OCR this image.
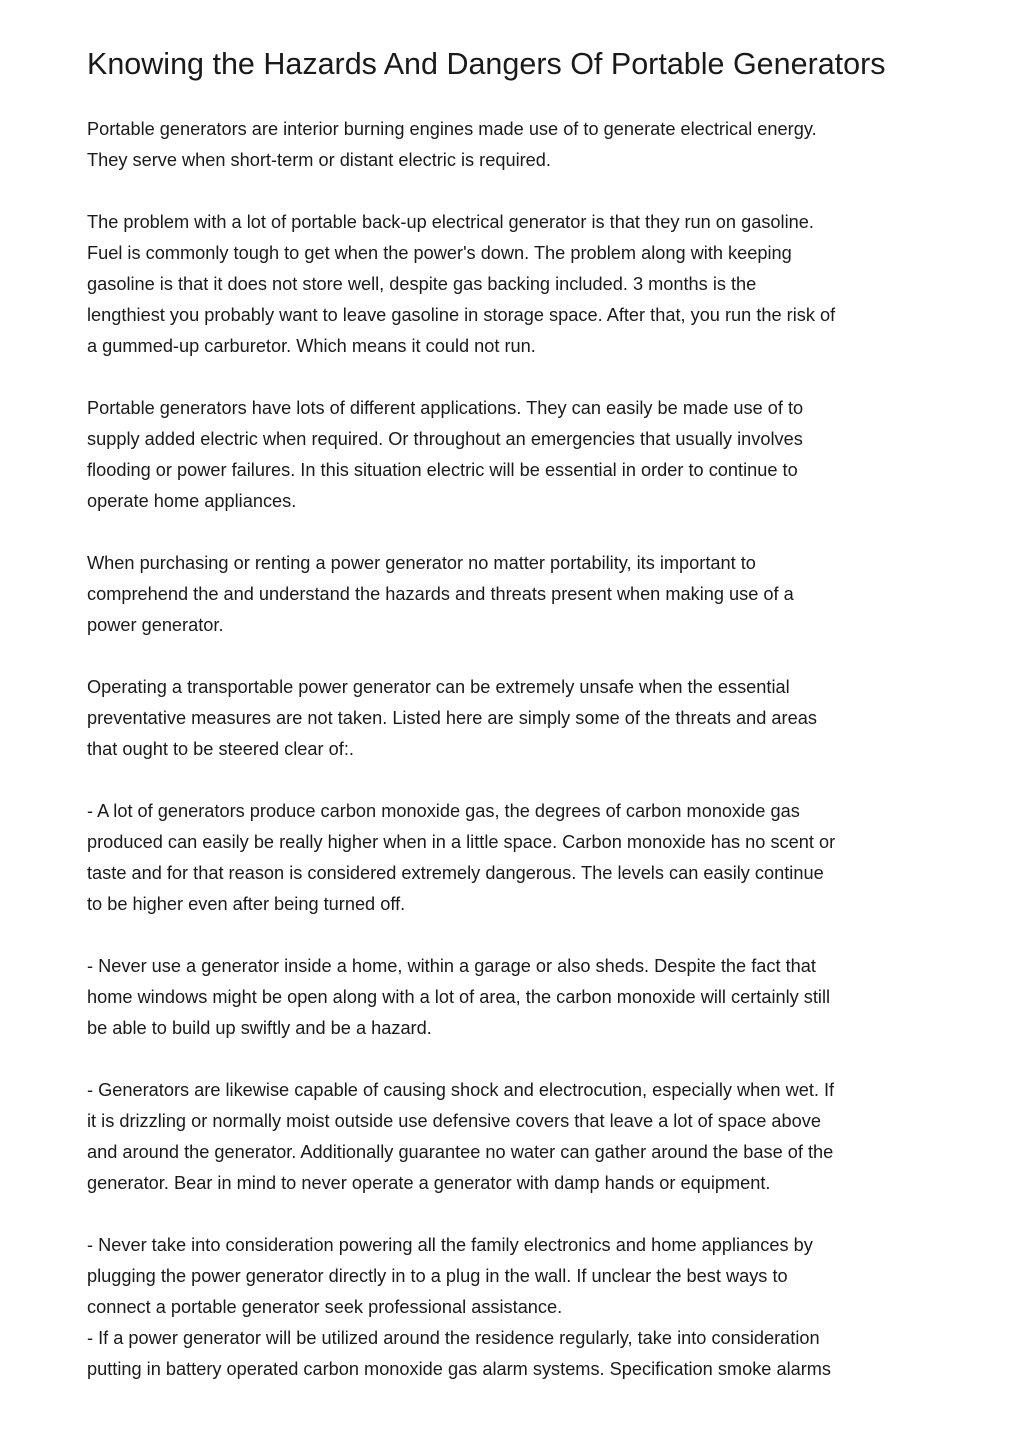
Knowing the Hazards And Dangers Of Portable Generators

Portable generators are interior burning engines made use of to generate electrical energy.
They serve when short-term or distant electric is required.

The problem with a lot of portable back-up electrical generator is that they run on gasoline.
Fuel is commonly tough to get when the power's down. The problem along with keeping
gasoline is that it does not store well, despite gas backing included. 3 months is the
lengthiest you probably want to leave gasoline in storage space. After that, you run the risk of
a gummed-up carburetor. Which means it could not run.

Portable generators have lots of different applications. They can easily be made use of to
supply added electric when required. Or throughout an emergencies that usually involves
flooding or power failures. In this situation electric will be essential in order to continue to
operate home appliances.

When purchasing or renting a power generator no matter portability, its important to
comprehend the and understand the hazards and threats present when making use of a
power generator.

Operating a transportable power generator can be extremely unsafe when the essential
preventative measures are not taken. Listed here are simply some of the threats and areas
that ought to be steered clear of:.

- A lot of generators produce carbon monoxide gas, the degrees of carbon monoxide gas
produced can easily be really higher when in a little space. Carbon monoxide has no scent or
taste and for that reason is considered extremely dangerous. The levels can easily continue
to be higher even after being turned off.

- Never use a generator inside a home, within a garage or also sheds. Despite the fact that
home windows might be open along with a lot of area, the carbon monoxide will certainly still
be able to build up swiftly and be a hazard.

- Generators are likewise capable of causing shock and electrocution, especially when wet. If
it is drizzling or normally moist outside use defensive covers that leave a lot of space above
and around the generator. Additionally guarantee no water can gather around the base of the
generator. Bear in mind to never operate a generator with damp hands or equipment.

- Never take into consideration powering all the family electronics and home appliances by
plugging the power generator directly in to a plug in the wall. If unclear the best ways to
connect a portable generator seek professional assistance.
- If a power generator will be utilized around the residence regularly, take into consideration
putting in battery operated carbon monoxide gas alarm systems. Specification smoke alarms
